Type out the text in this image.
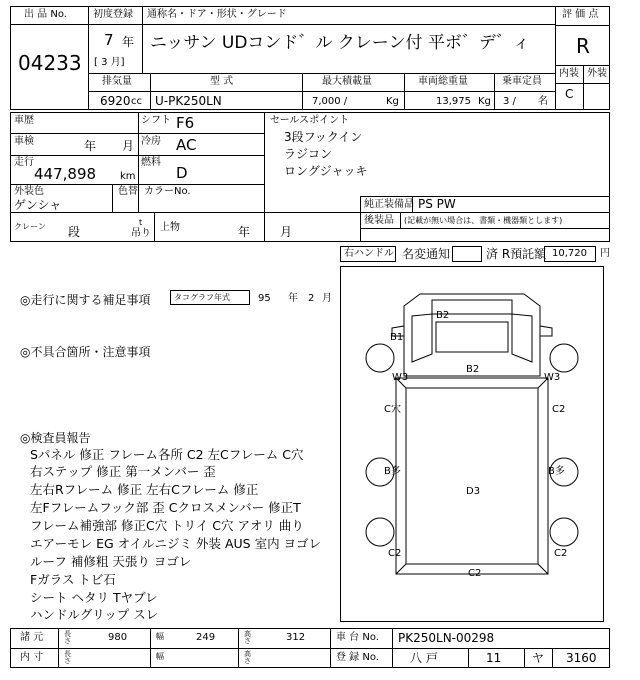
出 品 No.	初度登録 通称名・ドア・形状・グレード	評 価 点
04233
7 年
[ 3 月]
ニッサン UDコンド゛ル クレーン付 平ボ゛デ゛ィ R
内装 外装
C
排気量	型 式	最大積載量	車両総重量	乗車定員
6920 cc U-PK250LN	7,000 /	Kg	13,975 Kg 3 / 名
車歴	シフト F6
車検	年 月 冷房 AC
走行
447,898 km
燃料
D
外装色
ゲンシャ
色替 カラーNo.
セールスポイント
3段フックイン
ラジコン
ロングジャッキ
純正装備品 PS PW
後装品 (記載が無い場合は、書類・機器類とします)
クレーン 段
t
吊り
上物	年 月
右ハンドル 名変通知	済 R預託額 10,720 円
◎走行に関する補足事項	タコグラフ年式	95 年 2 月
◎不具合箇所・注意事項
◎検査員報告
Sパネル 修正 フレーム各所 C2 左Cフレーム C穴
右ステップ 修正 第一メンバー 歪
左右Rフレーム 修正 左右Cフレーム 修正
左Fフレームフック部 歪 Cクロスメンバー 修正T
フレーム補強部 修正C穴 トリイ C穴 アオリ 曲り
エアーモレ EG オイルニジミ 外装 AUS 室内 ヨゴレ
ルーフ 補修粗 天張り ヨゴレ
Fガラス トビ石
シート ヘタリ Tヤブレ
ハンドルグリップ スレ
B2
B1
W3
B2
W3
C穴	C2
B多	B多
D3
C2	C2
C2
諸 元	長さ	980	幅	249	高さ	312
内 寸	長さ	幅	高さ
車 台 No. PK250LN-00298
登 録 No.	八 戸	11	ヤ 3160
